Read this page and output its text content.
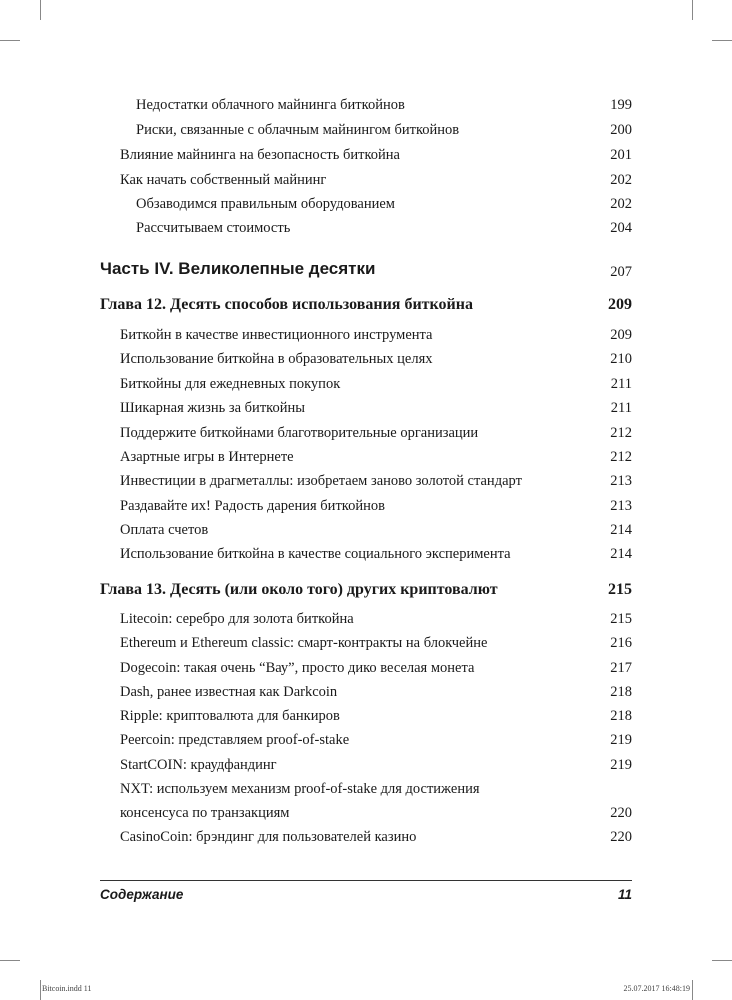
Недостатки облачного майнинга биткойнов	199
Риски, связанные с облачным майнингом биткойнов	200
Влияние майнинга на безопасность биткойна	201
Как начать собственный майнинг	202
Обзаводимся правильным оборудованием	202
Рассчитываем стоимость	204
Часть IV. Великолепные десятки	207
Глава 12. Десять способов использования биткойна	209
Биткойн в качестве инвестиционного инструмента	209
Использование биткойна в образовательных целях	210
Биткойны для ежедневных покупок	211
Шикарная жизнь за биткойны	211
Поддержите биткойнами благотворительные организации	212
Азартные игры в Интернете	212
Инвестиции в драгметаллы: изобретаем заново золотой стандарт	213
Раздавайте их! Радость дарения биткойнов	213
Оплата счетов	214
Использование биткойна в качестве социального эксперимента	214
Глава 13. Десять (или около того) других криптовалют	215
Litecoin: серебро для золота биткойна	215
Ethereum и Ethereum classic: смарт-контракты на блокчейне	216
Dogecoin: такая очень “Вау”, просто дико веселая монета	217
Dash, ранее известная как Darkcoin	218
Ripple: криптовалюта для банкиров	218
Peercoin: представляем proof-of-stake	219
StartCOIN: краудфандинг	219
NXT: используем механизм proof-of-stake для достижения
консенсуса по транзакциям	220
CasinoCoin: брэндинг для пользователей казино	220
Содержание	11
Bitcoin.indd 11	25.07.2017 16:48:19
